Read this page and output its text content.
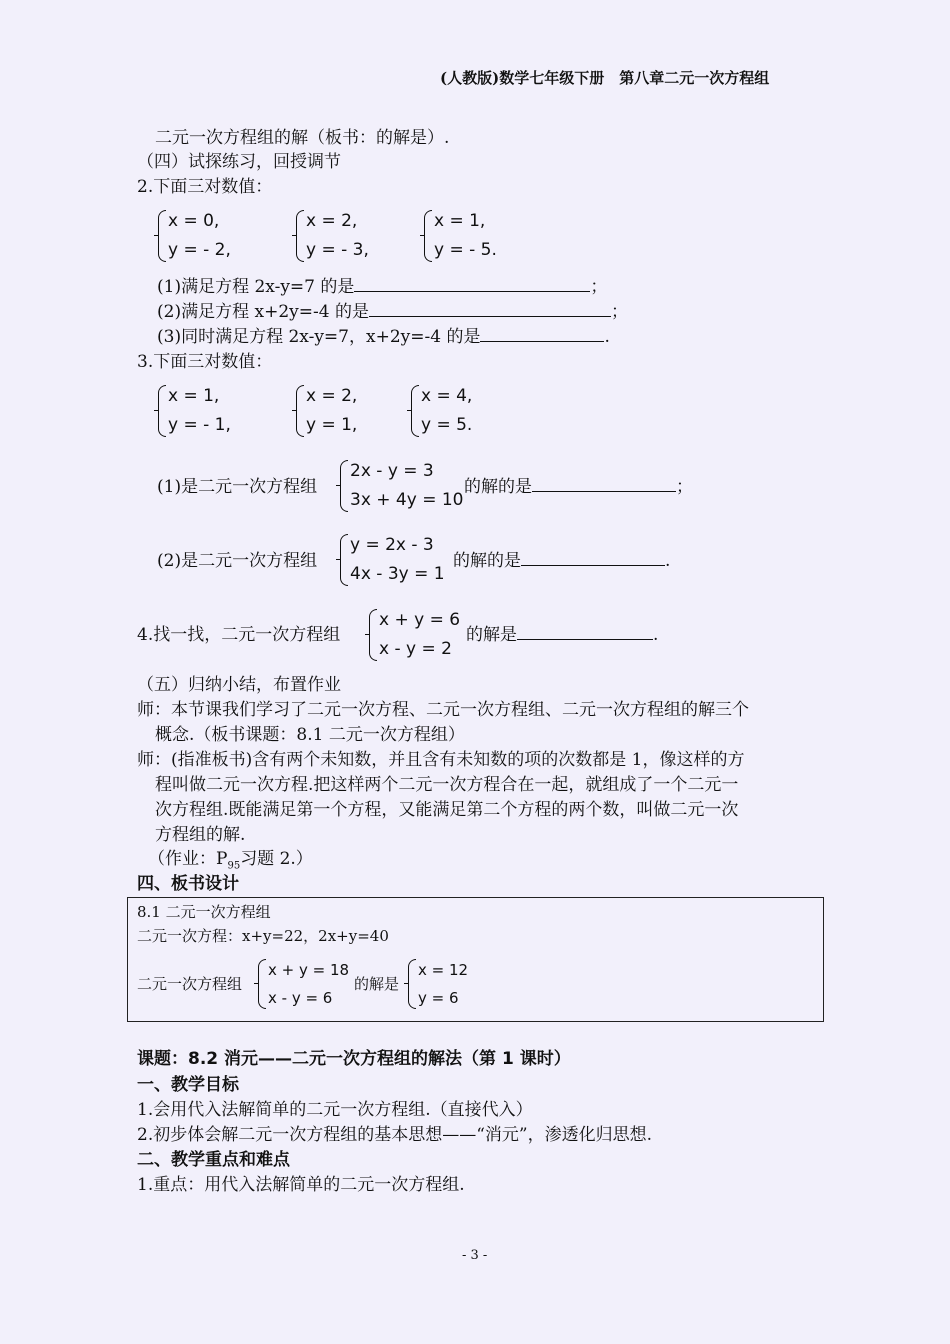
(人教版)数学七年级下册　第八章二元一次方程组
二元一次方程组的解（板书：的解是）.
（四）试探练习，回授调节
2.下面三对数值：
x = 0,
y = - 2,
x = 2,
y = - 3,
x = 1,
y = - 5.
(1)满足方程 2x-y=7 的是	；
(2)满足方程 x+2y=-4 的是	；
(3)同时满足方程 2x-y=7，x+2y=-4 的是	.
3.下面三对数值：
x = 1,
y = - 1,
x = 2,
y = 1,
x = 4,
y = 5.
(1)是二元一次方程组
2x - y = 3
3x + 4y = 10
的解的是	；
(2)是二元一次方程组
y = 2x - 3
4x - 3y = 1
的解的是	.
4.找一找，二元一次方程组
x + y = 6
x - y = 2
的解是	.
（五）归纳小结，布置作业
师：本节课我们学习了二元一次方程、二元一次方程组、二元一次方程组的解三个
概念.（板书课题：8.1 二元一次方程组）
师：(指准板书)含有两个未知数，并且含有未知数的项的次数都是 1，像这样的方
程叫做二元一次方程.把这样两个二元一次方程合在一起，就组成了一个二元一
次方程组.既能满足第一个方程，又能满足第二个方程的两个数，叫做二元一次
方程组的解.
（作业：$P_{95}$习题 2.）
四、板书设计
8.1 二元一次方程组
二元一次方程：x+y=22，2x+y=40
二元一次方程组
x + y = 18
x - y = 6
的解是
x = 12
y = 6
课题：8.2 消元——二元一次方程组的解法（第 1 课时）
一、教学目标
1.会用代入法解简单的二元一次方程组.（直接代入）
2.初步体会解二元一次方程组的基本思想——“消元”，渗透化归思想.
二、教学重点和难点
1.重点：用代入法解简单的二元一次方程组.
- 3 -
